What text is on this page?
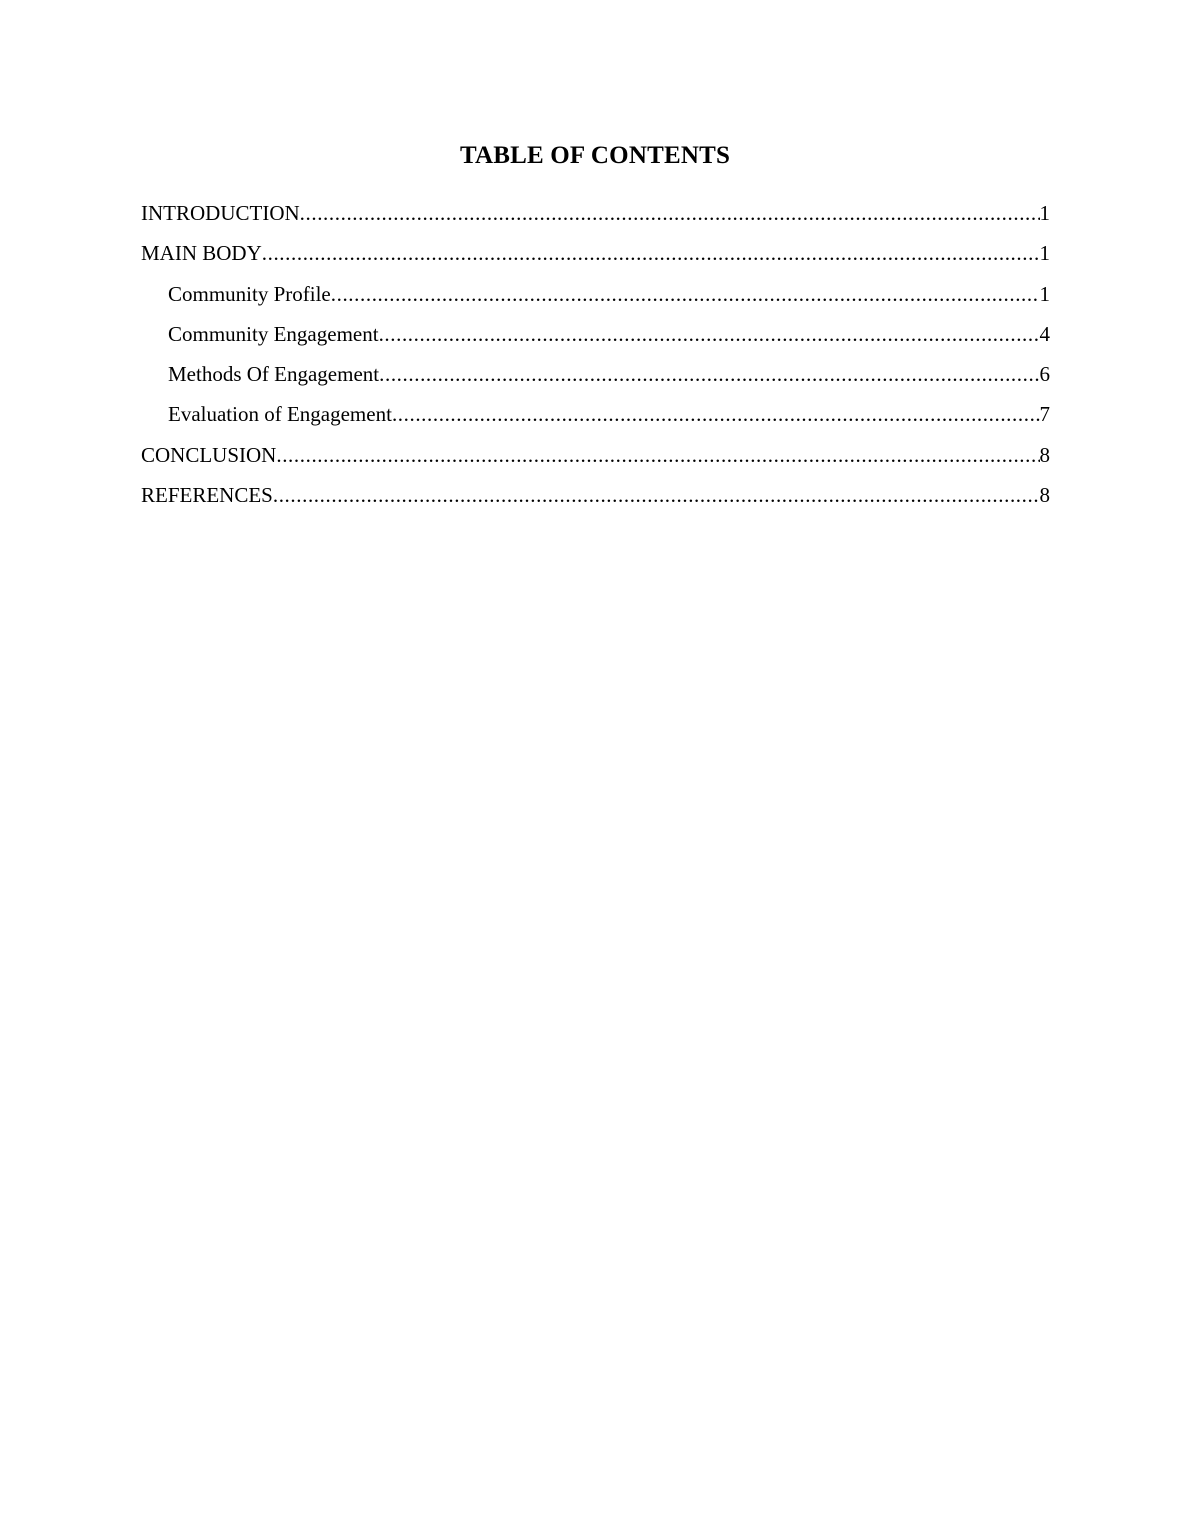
TABLE OF CONTENTS
INTRODUCTION .....	1
MAIN BODY .....	1
Community Profile .....	1
Community Engagement .....	4
Methods Of Engagement .....	6
Evaluation of Engagement .....	7
CONCLUSION .....	8
REFERENCES .....	8
